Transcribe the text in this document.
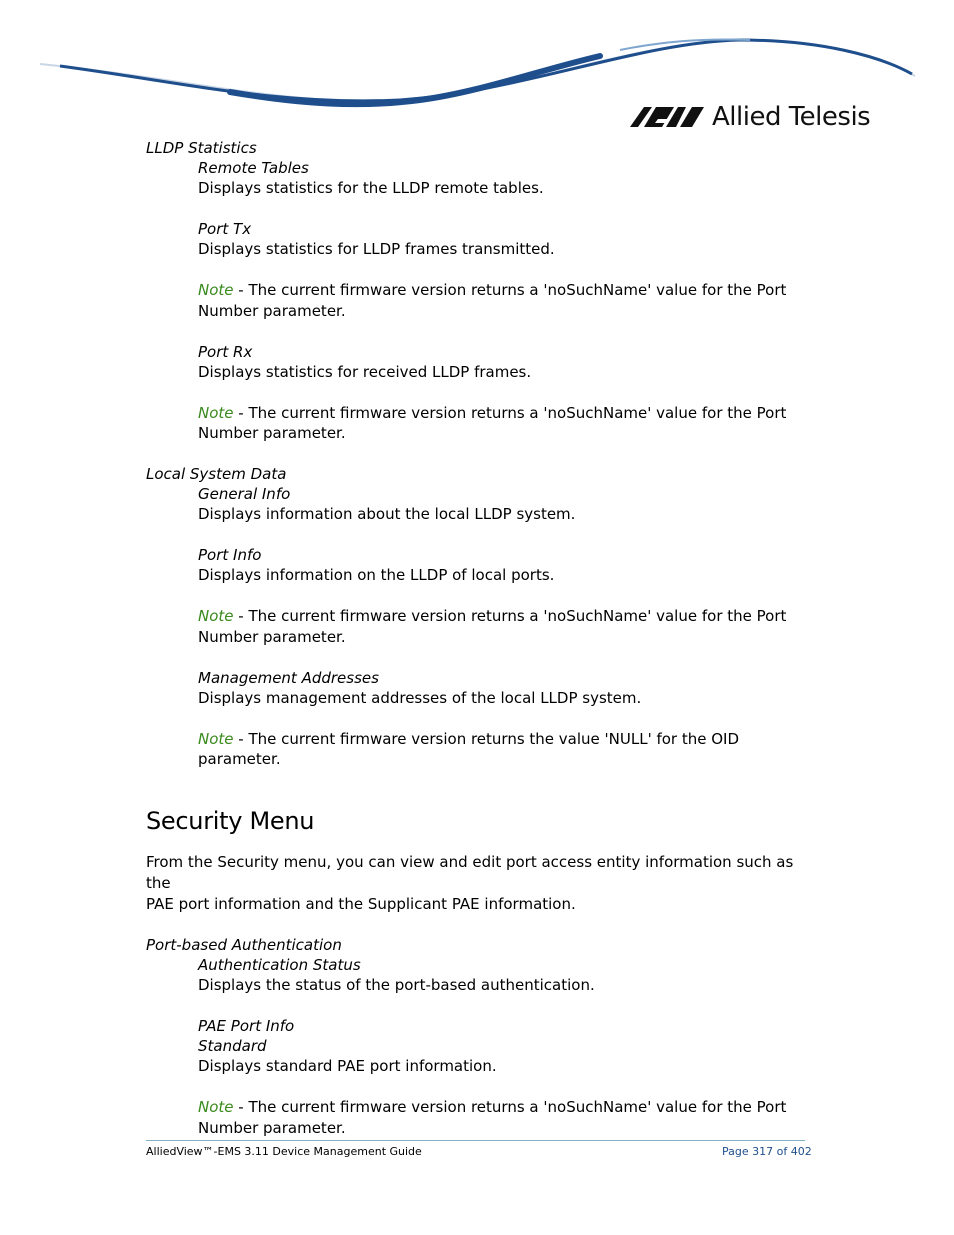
Allied Telesis
LLDP Statistics
Remote Tables
Displays statistics for the LLDP remote tables.
Port Tx
Displays statistics for LLDP frames transmitted.
Note - The current firmware version returns a 'noSuchName' value for the Port
Number parameter.
Port Rx
Displays statistics for received LLDP frames.
Note - The current firmware version returns a 'noSuchName' value for the Port
Number parameter.
Local System Data
General Info
Displays information about the local LLDP system.
Port Info
Displays information on the LLDP of local ports.
Note - The current firmware version returns a 'noSuchName' value for the Port
Number parameter.
Management Addresses
Displays management addresses of the local LLDP system.
Note - The current firmware version returns the value 'NULL' for the OID
parameter.
Security Menu
From the Security menu, you can view and edit port access entity information such as the
PAE port information and the Supplicant PAE information.
Port-based Authentication
Authentication Status
Displays the status of the port-based authentication.
PAE Port Info
Standard
Displays standard PAE port information.
Note - The current firmware version returns a 'noSuchName' value for the Port
Number parameter.
AlliedView™-EMS 3.11 Device Management Guide	Page 317 of 402
